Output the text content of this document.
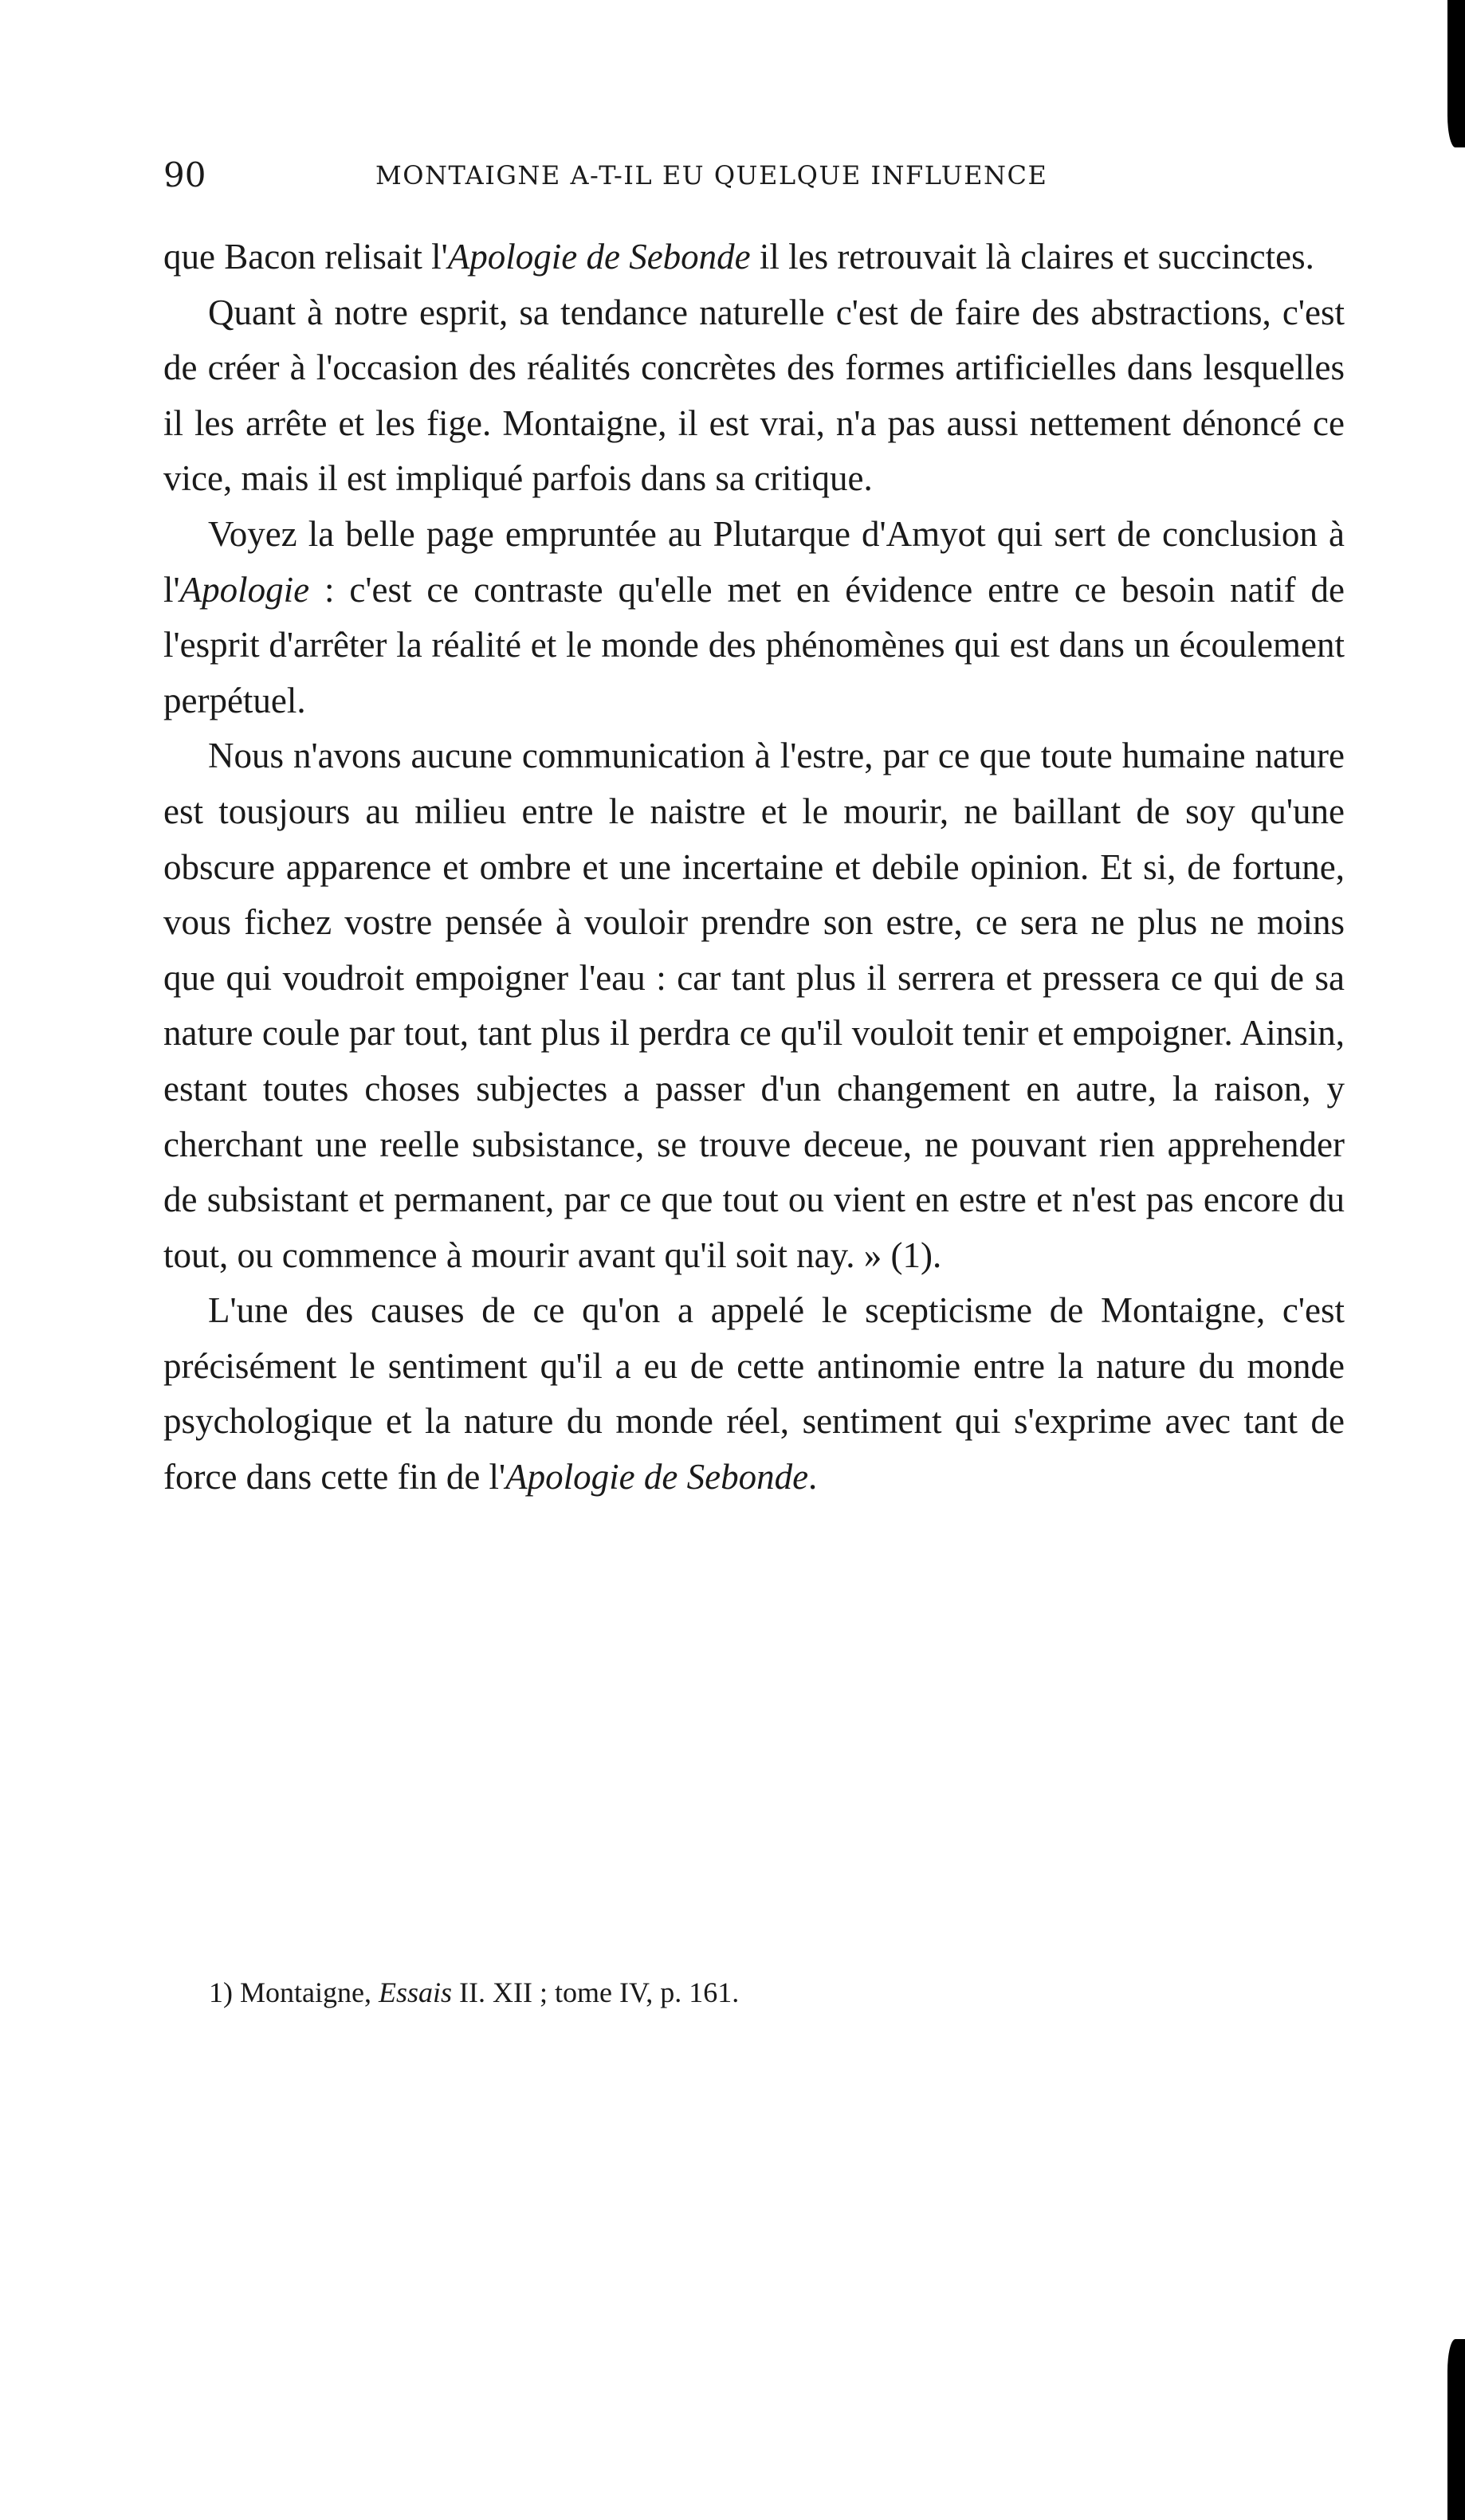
90	MONTAIGNE A-T-IL EU QUELQUE INFLUENCE

que Bacon relisait l'Apologie de Sebonde il les retrouvait là claires et succinctes.

Quant à notre esprit, sa tendance naturelle c'est de faire des abstractions, c'est de créer à l'occasion des réalités concrètes des formes artificielles dans lesquelles il les arrête et les fige. Montaigne, il est vrai, n'a pas aussi nettement dénoncé ce vice, mais il est impliqué parfois dans sa critique.

Voyez la belle page empruntée au Plutarque d'Amyot qui sert de conclusion à l'Apologie : c'est ce contraste qu'elle met en évidence entre ce besoin natif de l'esprit d'arrêter la réalité et le monde des phénomènes qui est dans un écoulement perpétuel.

Nous n'avons aucune communication à l'estre, par ce que toute humaine nature est tousjours au milieu entre le naistre et le mourir, ne baillant de soy qu'une obscure apparence et ombre et une incertaine et debile opinion. Et si, de fortune, vous fichez vostre pensée à vouloir prendre son estre, ce sera ne plus ne moins que qui voudroit empoigner l'eau : car tant plus il serrera et pressera ce qui de sa nature coule par tout, tant plus il perdra ce qu'il vouloit tenir et empoigner. Ainsin, estant toutes choses subjectes a passer d'un changement en autre, la raison, y cherchant une reelle subsistance, se trouve deceue, ne pouvant rien apprehender de subsistant et permanent, par ce que tout ou vient en estre et n'est pas encore du tout, ou commence à mourir avant qu'il soit nay. » (1).

L'une des causes de ce qu'on a appelé le scepticisme de Montaigne, c'est précisément le sentiment qu'il a eu de cette antinomie entre la nature du monde psychologique et la nature du monde réel, sentiment qui s'exprime avec tant de force dans cette fin de l'Apologie de Sebonde.

1) Montaigne, Essais II. XII ; tome IV, p. 161.
